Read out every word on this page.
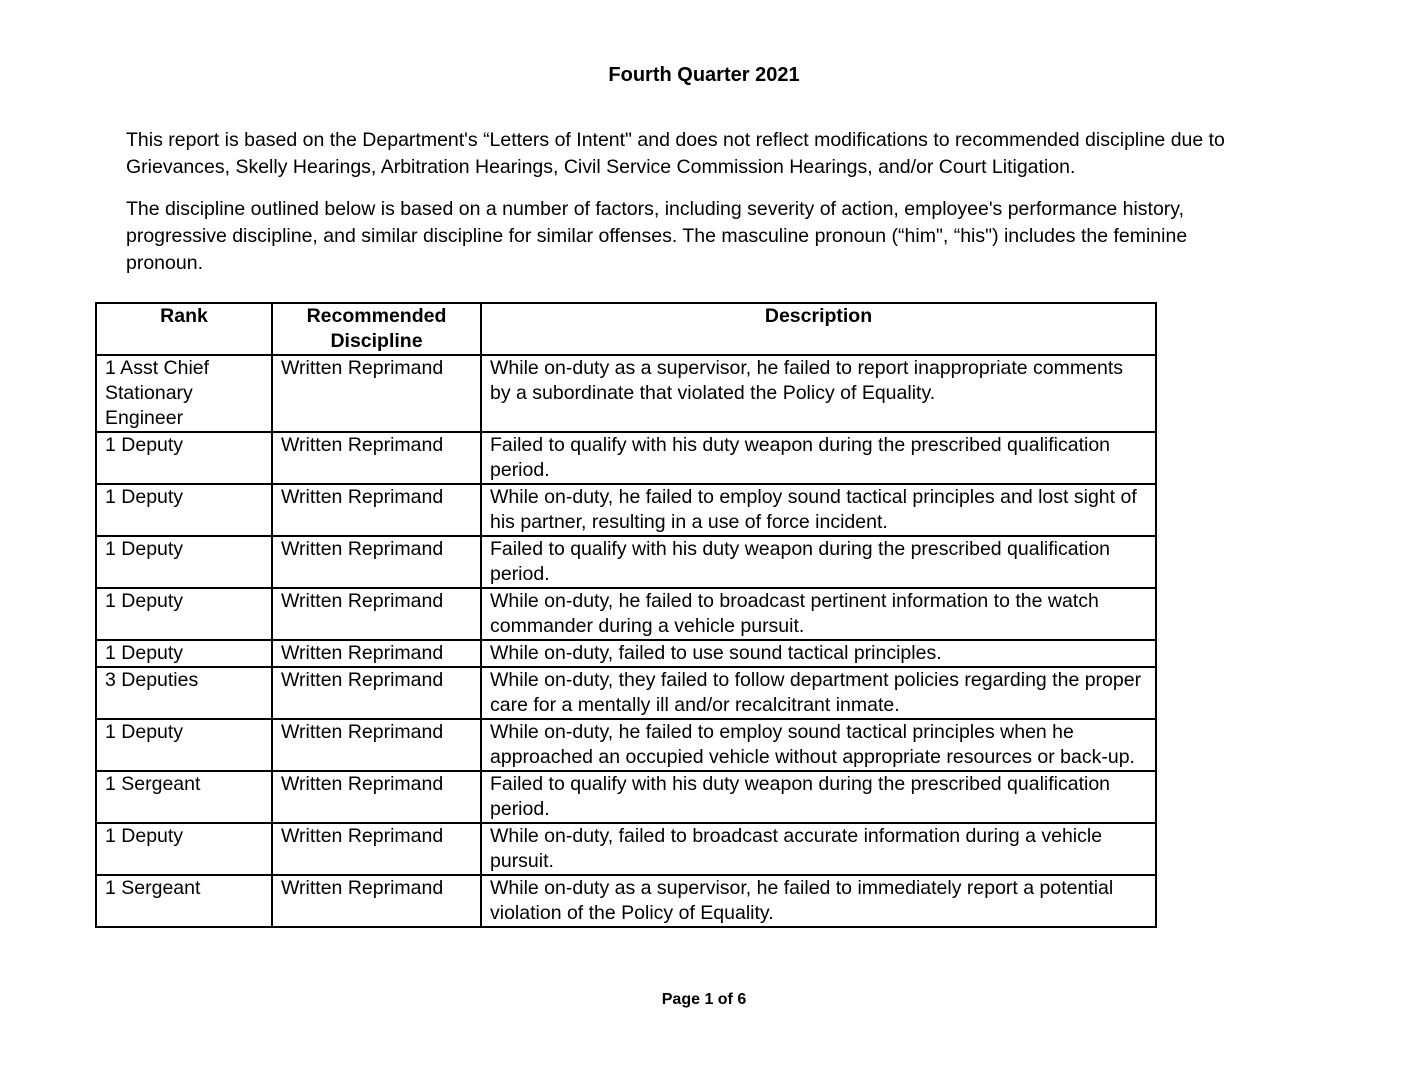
Fourth Quarter 2021

This report is based on the Department's “Letters of Intent" and does not reflect modifications to recommended discipline due to Grievances, Skelly Hearings, Arbitration Hearings, Civil Service Commission Hearings, and/or Court Litigation.

The discipline outlined below is based on a number of factors, including severity of action, employee's performance history, progressive discipline, and similar discipline for similar offenses. The masculine pronoun (“him", “his") includes the feminine pronoun.

Rank	Recommended Discipline	Description
1 Asst Chief Stationary Engineer	Written Reprimand	While on-duty as a supervisor, he failed to report inappropriate comments by a subordinate that violated the Policy of Equality.
1 Deputy	Written Reprimand	Failed to qualify with his duty weapon during the prescribed qualification period.
1 Deputy	Written Reprimand	While on-duty, he failed to employ sound tactical principles and lost sight of his partner, resulting in a use of force incident.
1 Deputy	Written Reprimand	Failed to qualify with his duty weapon during the prescribed qualification period.
1 Deputy	Written Reprimand	While on-duty, he failed to broadcast pertinent information to the watch commander during a vehicle pursuit.
1 Deputy	Written Reprimand	While on-duty, failed to use sound tactical principles.
3 Deputies	Written Reprimand	While on-duty, they failed to follow department policies regarding the proper care for a mentally ill and/or recalcitrant inmate.
1 Deputy	Written Reprimand	While on-duty, he failed to employ sound tactical principles when he approached an occupied vehicle without appropriate resources or back-up.
1 Sergeant	Written Reprimand	Failed to qualify with his duty weapon during the prescribed qualification period.
1 Deputy	Written Reprimand	While on-duty, failed to broadcast accurate information during a vehicle pursuit.
1 Sergeant	Written Reprimand	While on-duty as a supervisor, he failed to immediately report a potential violation of the Policy of Equality.
Page 1 of 6
